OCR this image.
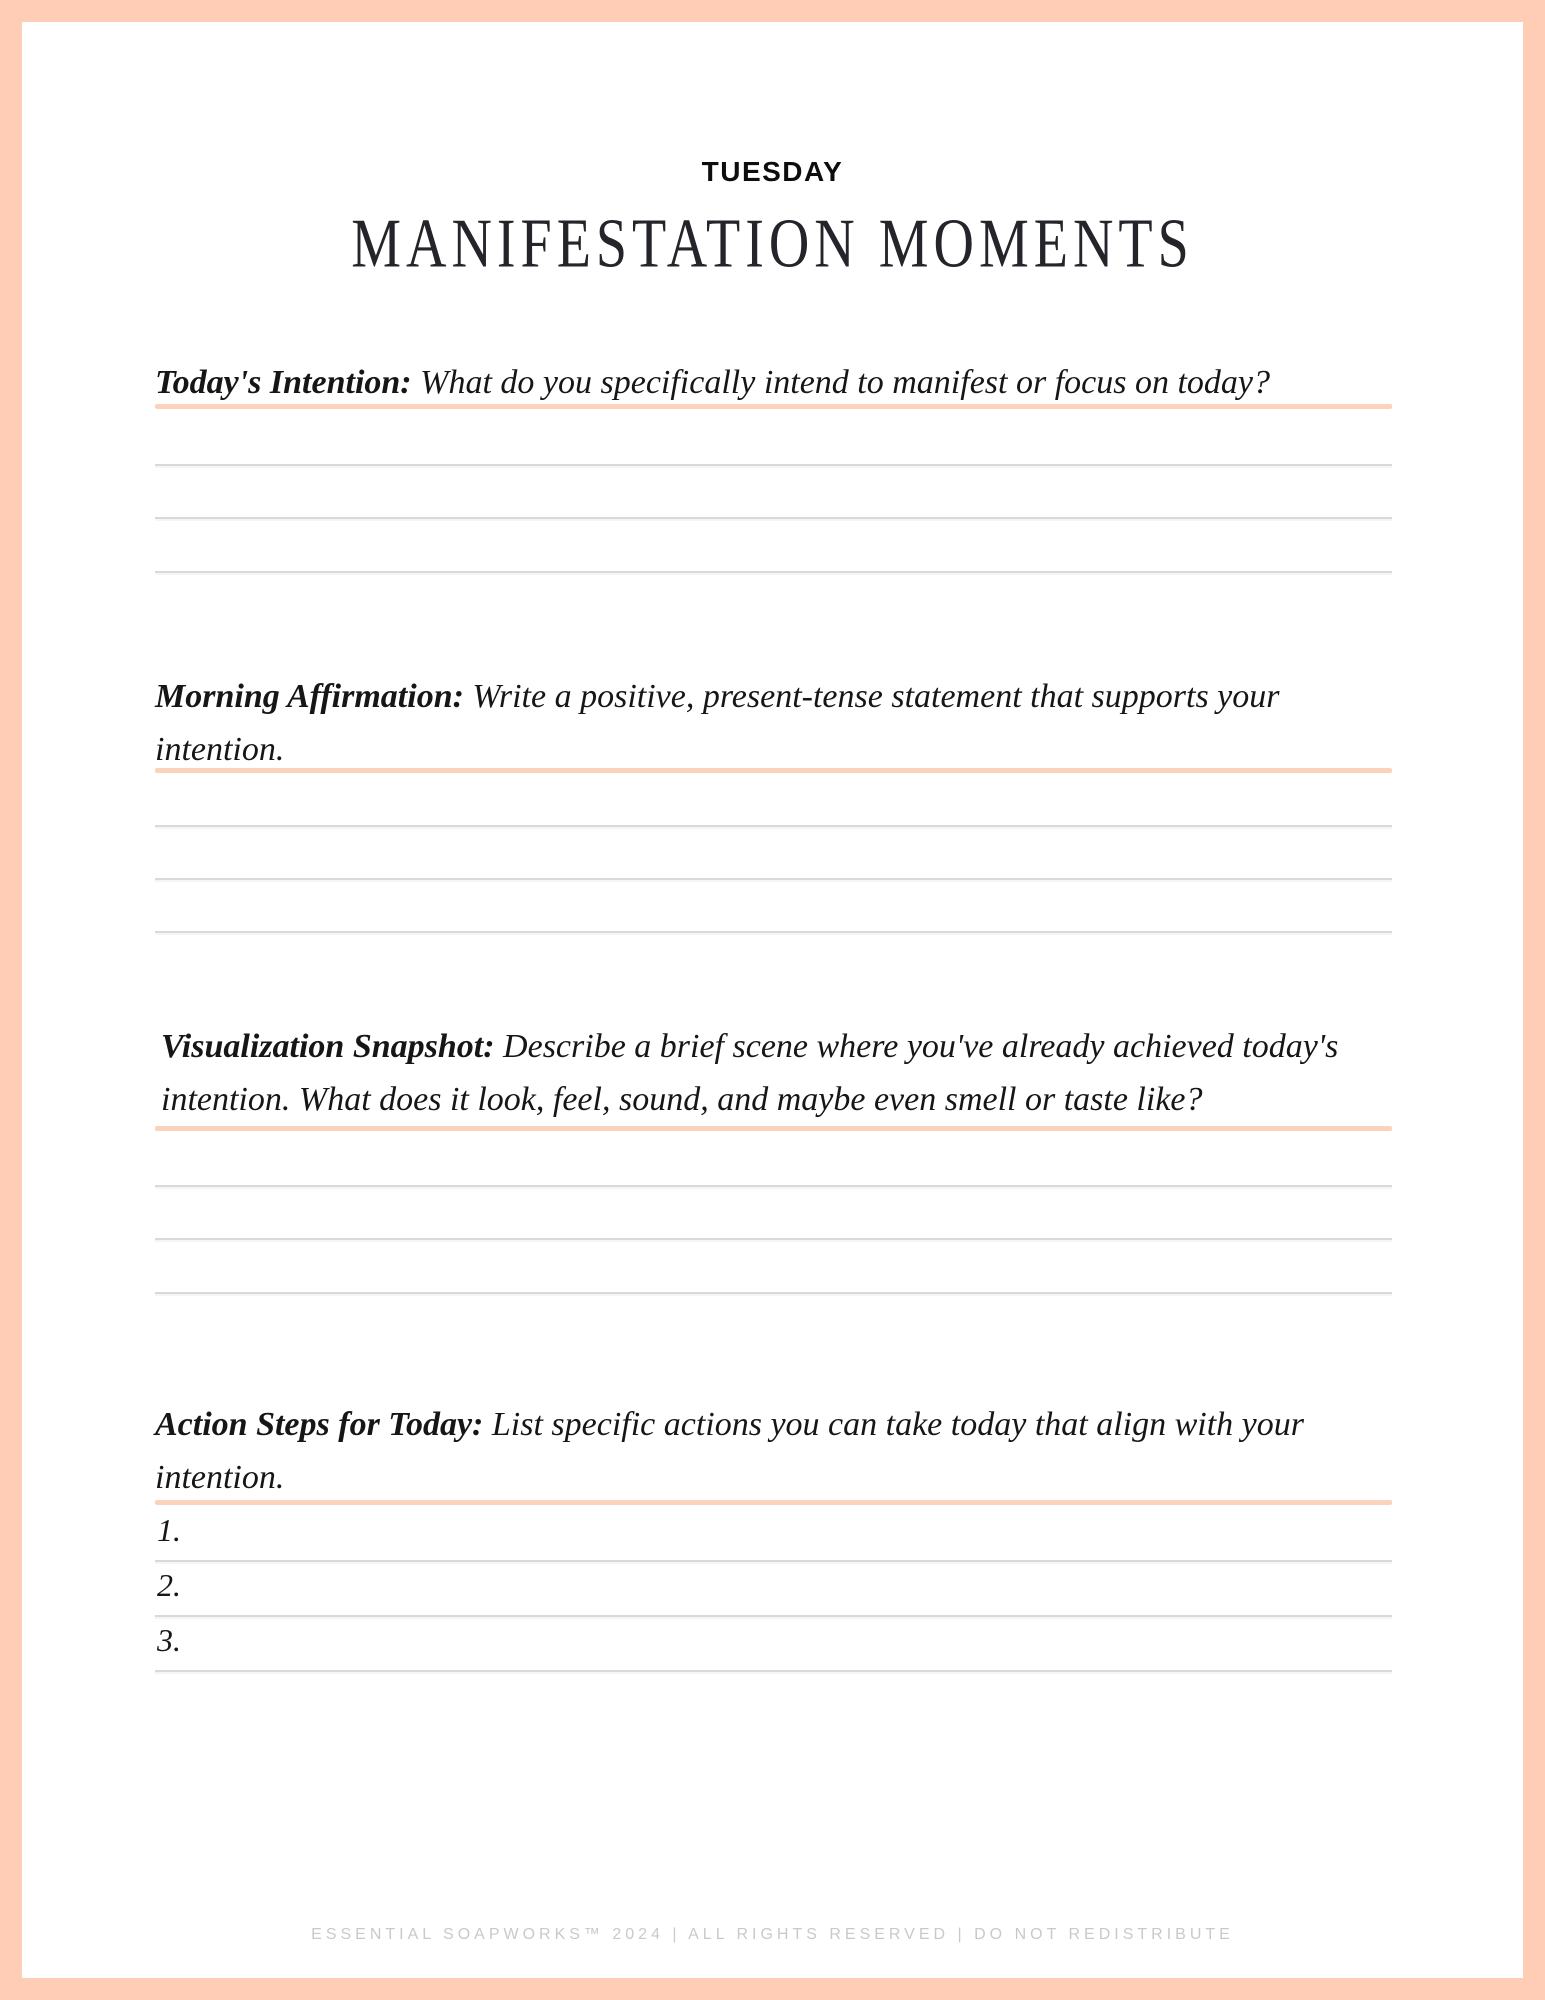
TUESDAY
MANIFESTATION MOMENTS

Today's Intention: What do you specifically intend to manifest or focus on today?

Morning Affirmation: Write a positive, present-tense statement that supports your intention.

Visualization Snapshot: Describe a brief scene where you've already achieved today's intention. What does it look, feel, sound, and maybe even smell or taste like?

Action Steps for Today: List specific actions you can take today that align with your intention.

1.
2.
3.
ESSENTIAL SOAPWORKS™ 2024 | ALL RIGHTS RESERVED | DO NOT REDISTRIBUTE
